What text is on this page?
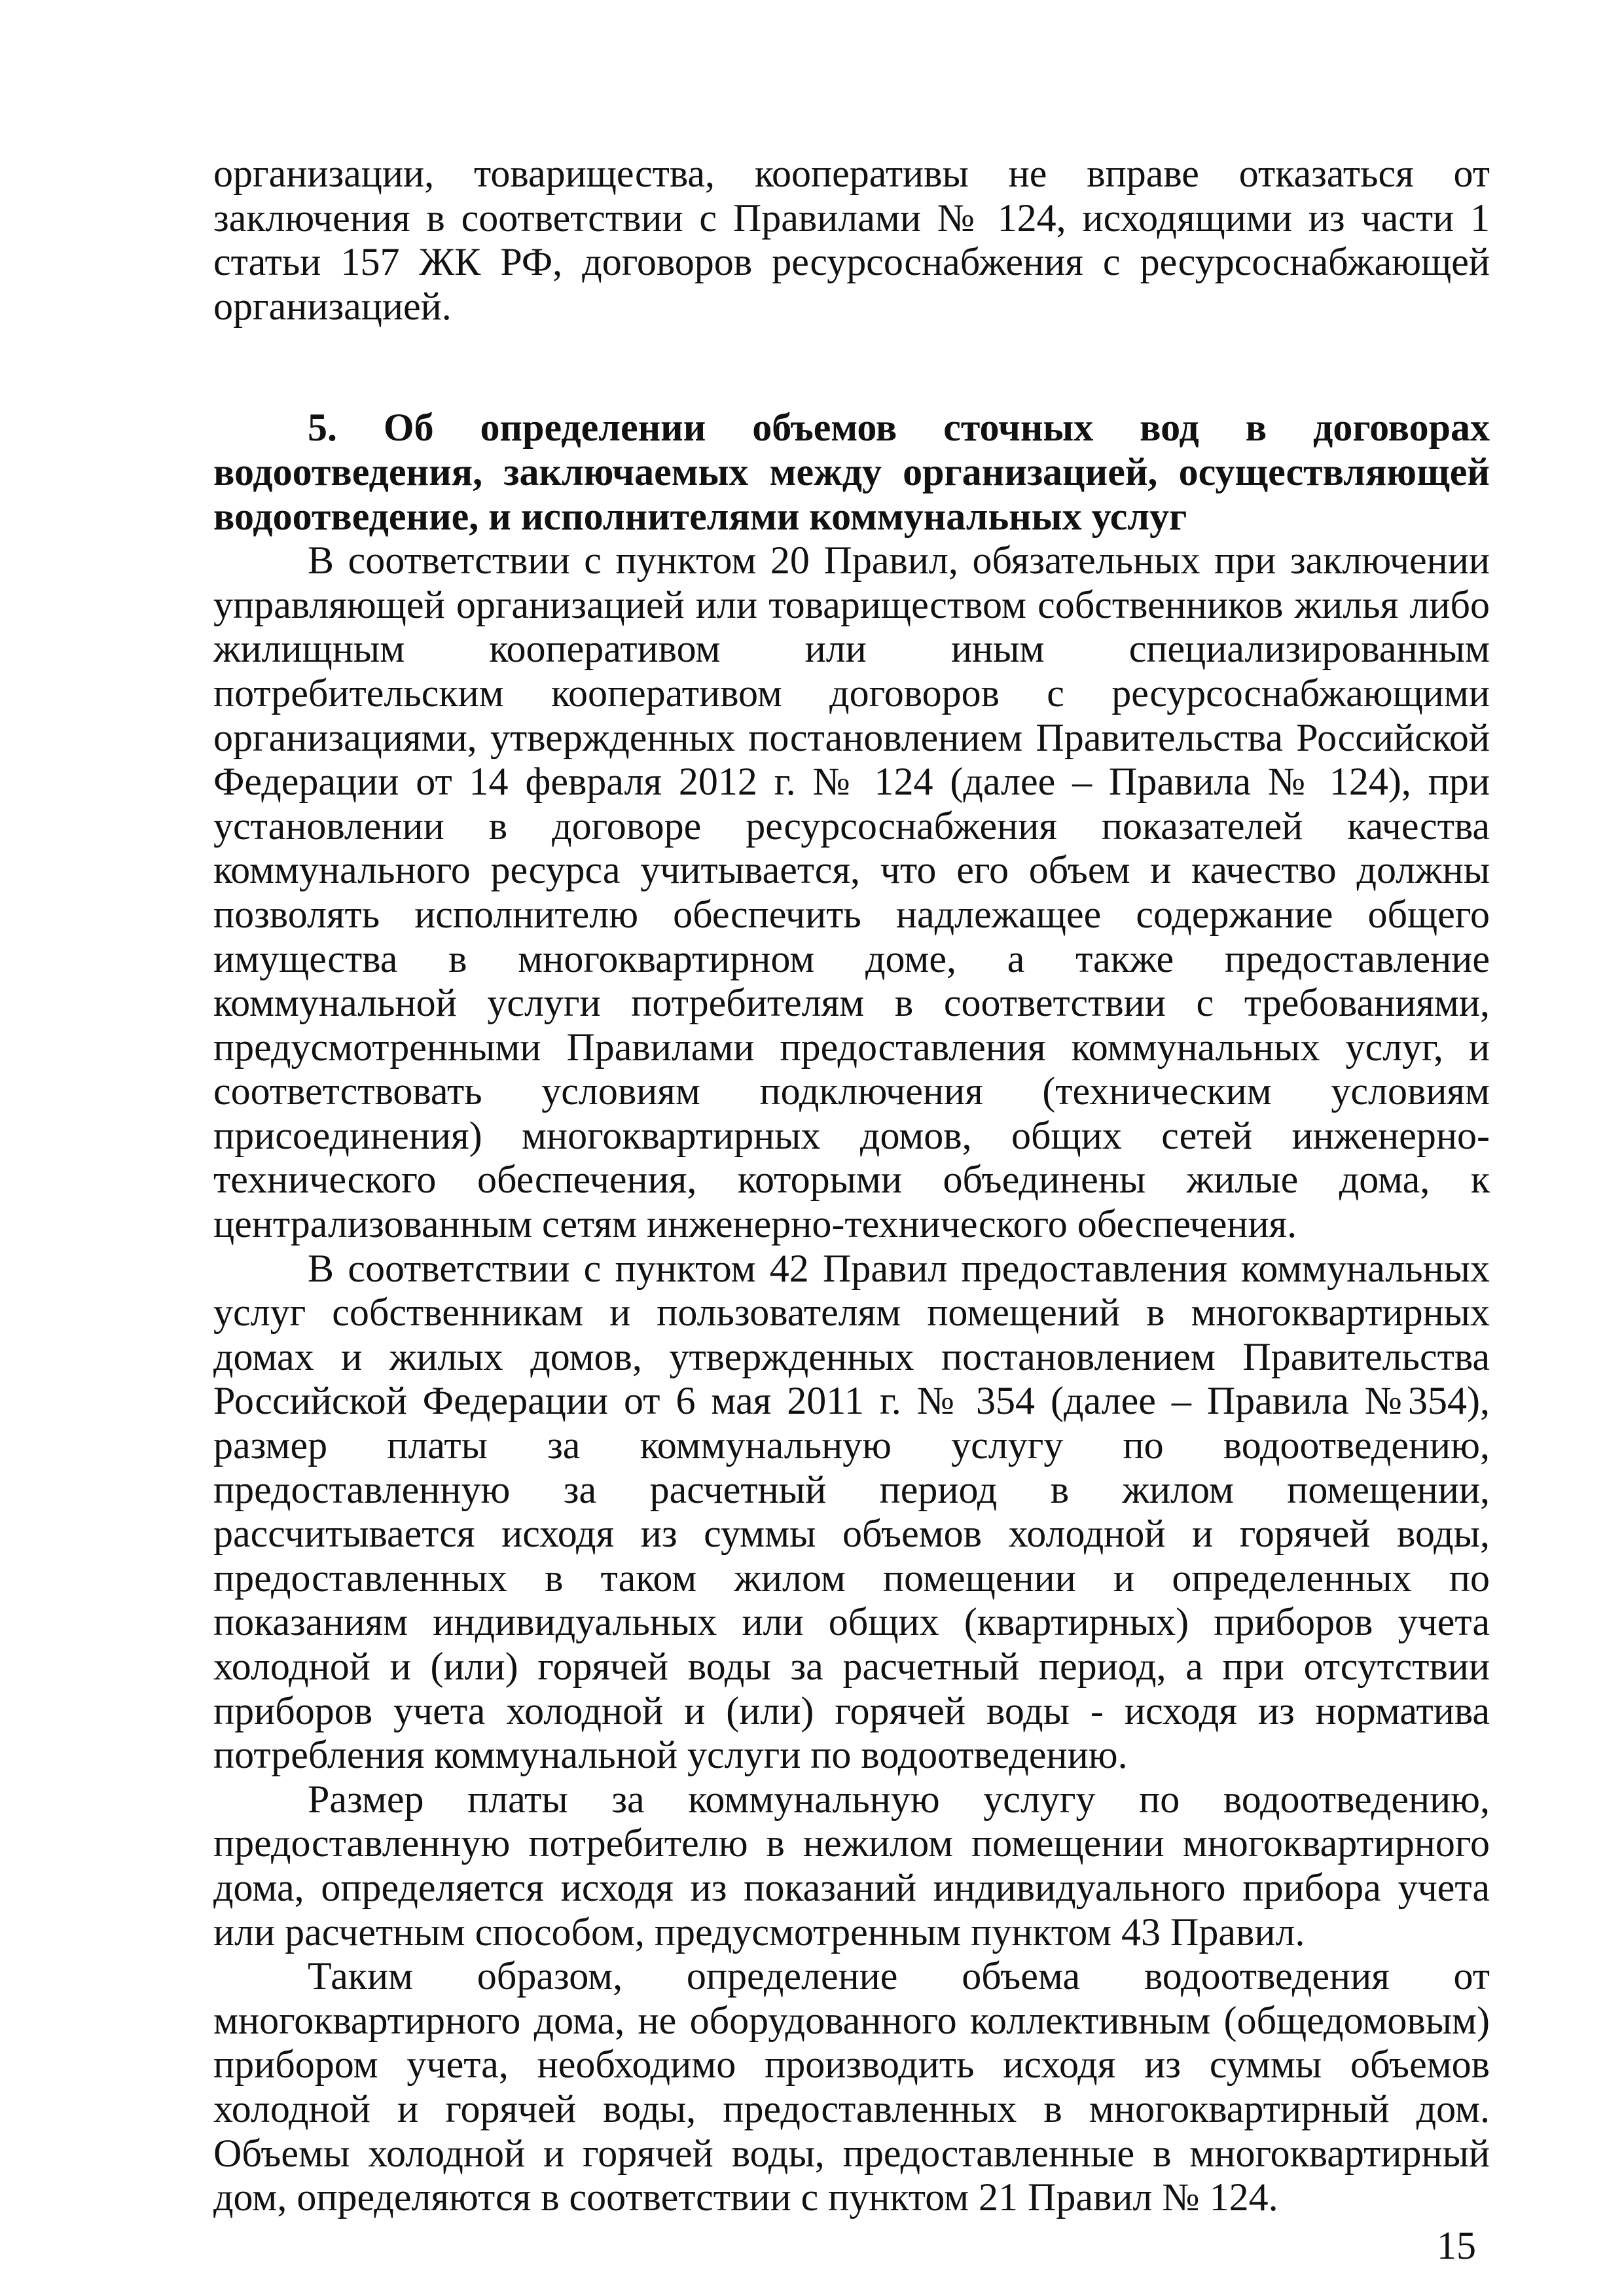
организации, товарищества, кооперативы не вправе отказаться от заключения в соответствии с Правилами № 124, исходящими из части 1 статьи 157 ЖК РФ, договоров ресурсоснабжения с ресурсоснабжающей организацией.

5. Об определении объемов сточных вод в договорах водоотведения, заключаемых между организацией, осуществляющей водоотведение, и исполнителями коммунальных услуг

В соответствии с пунктом 20 Правил, обязательных при заключении управляющей организацией или товариществом собственников жилья либо жилищным кооперативом или иным специализированным потребительским кооперативом договоров с ресурсоснабжающими организациями, утвержденных постановлением Правительства Российской Федерации от 14 февраля 2012 г. № 124 (далее – Правила № 124), при установлении в договоре ресурсоснабжения показателей качества коммунального ресурса учитывается, что его объем и качество должны позволять исполнителю обеспечить надлежащее содержание общего имущества в многоквартирном доме, а также предоставление коммунальной услуги потребителям в соответствии с требованиями, предусмотренными Правилами предоставления коммунальных услуг, и соответствовать условиям подключения (техническим условиям присоединения) многоквартирных домов, общих сетей инженерно-технического обеспечения, которыми объединены жилые дома, к централизованным сетям инженерно-технического обеспечения.

В соответствии с пунктом 42 Правил предоставления коммунальных услуг собственникам и пользователям помещений в многоквартирных домах и жилых домов, утвержденных постановлением Правительства Российской Федерации от 6 мая 2011 г. № 354 (далее – Правила №354), размер платы за коммунальную услугу по водоотведению, предоставленную за расчетный период в жилом помещении, рассчитывается исходя из суммы объемов холодной и горячей воды, предоставленных в таком жилом помещении и определенных по показаниям индивидуальных или общих (квартирных) приборов учета холодной и (или) горячей воды за расчетный период, а при отсутствии приборов учета холодной и (или) горячей воды - исходя из норматива потребления коммунальной услуги по водоотведению.

Размер платы за коммунальную услугу по водоотведению, предоставленную потребителю в нежилом помещении многоквартирного дома, определяется исходя из показаний индивидуального прибора учета или расчетным способом, предусмотренным пунктом 43 Правил.

Таким образом, определение объема водоотведения от многоквартирного дома, не оборудованного коллективным (общедомовым) прибором учета, необходимо производить исходя из суммы объемов холодной и горячей воды, предоставленных в многоквартирный дом. Объемы холодной и горячей воды, предоставленные в многоквартирный дом, определяются в соответствии с пунктом 21 Правил № 124.

15
